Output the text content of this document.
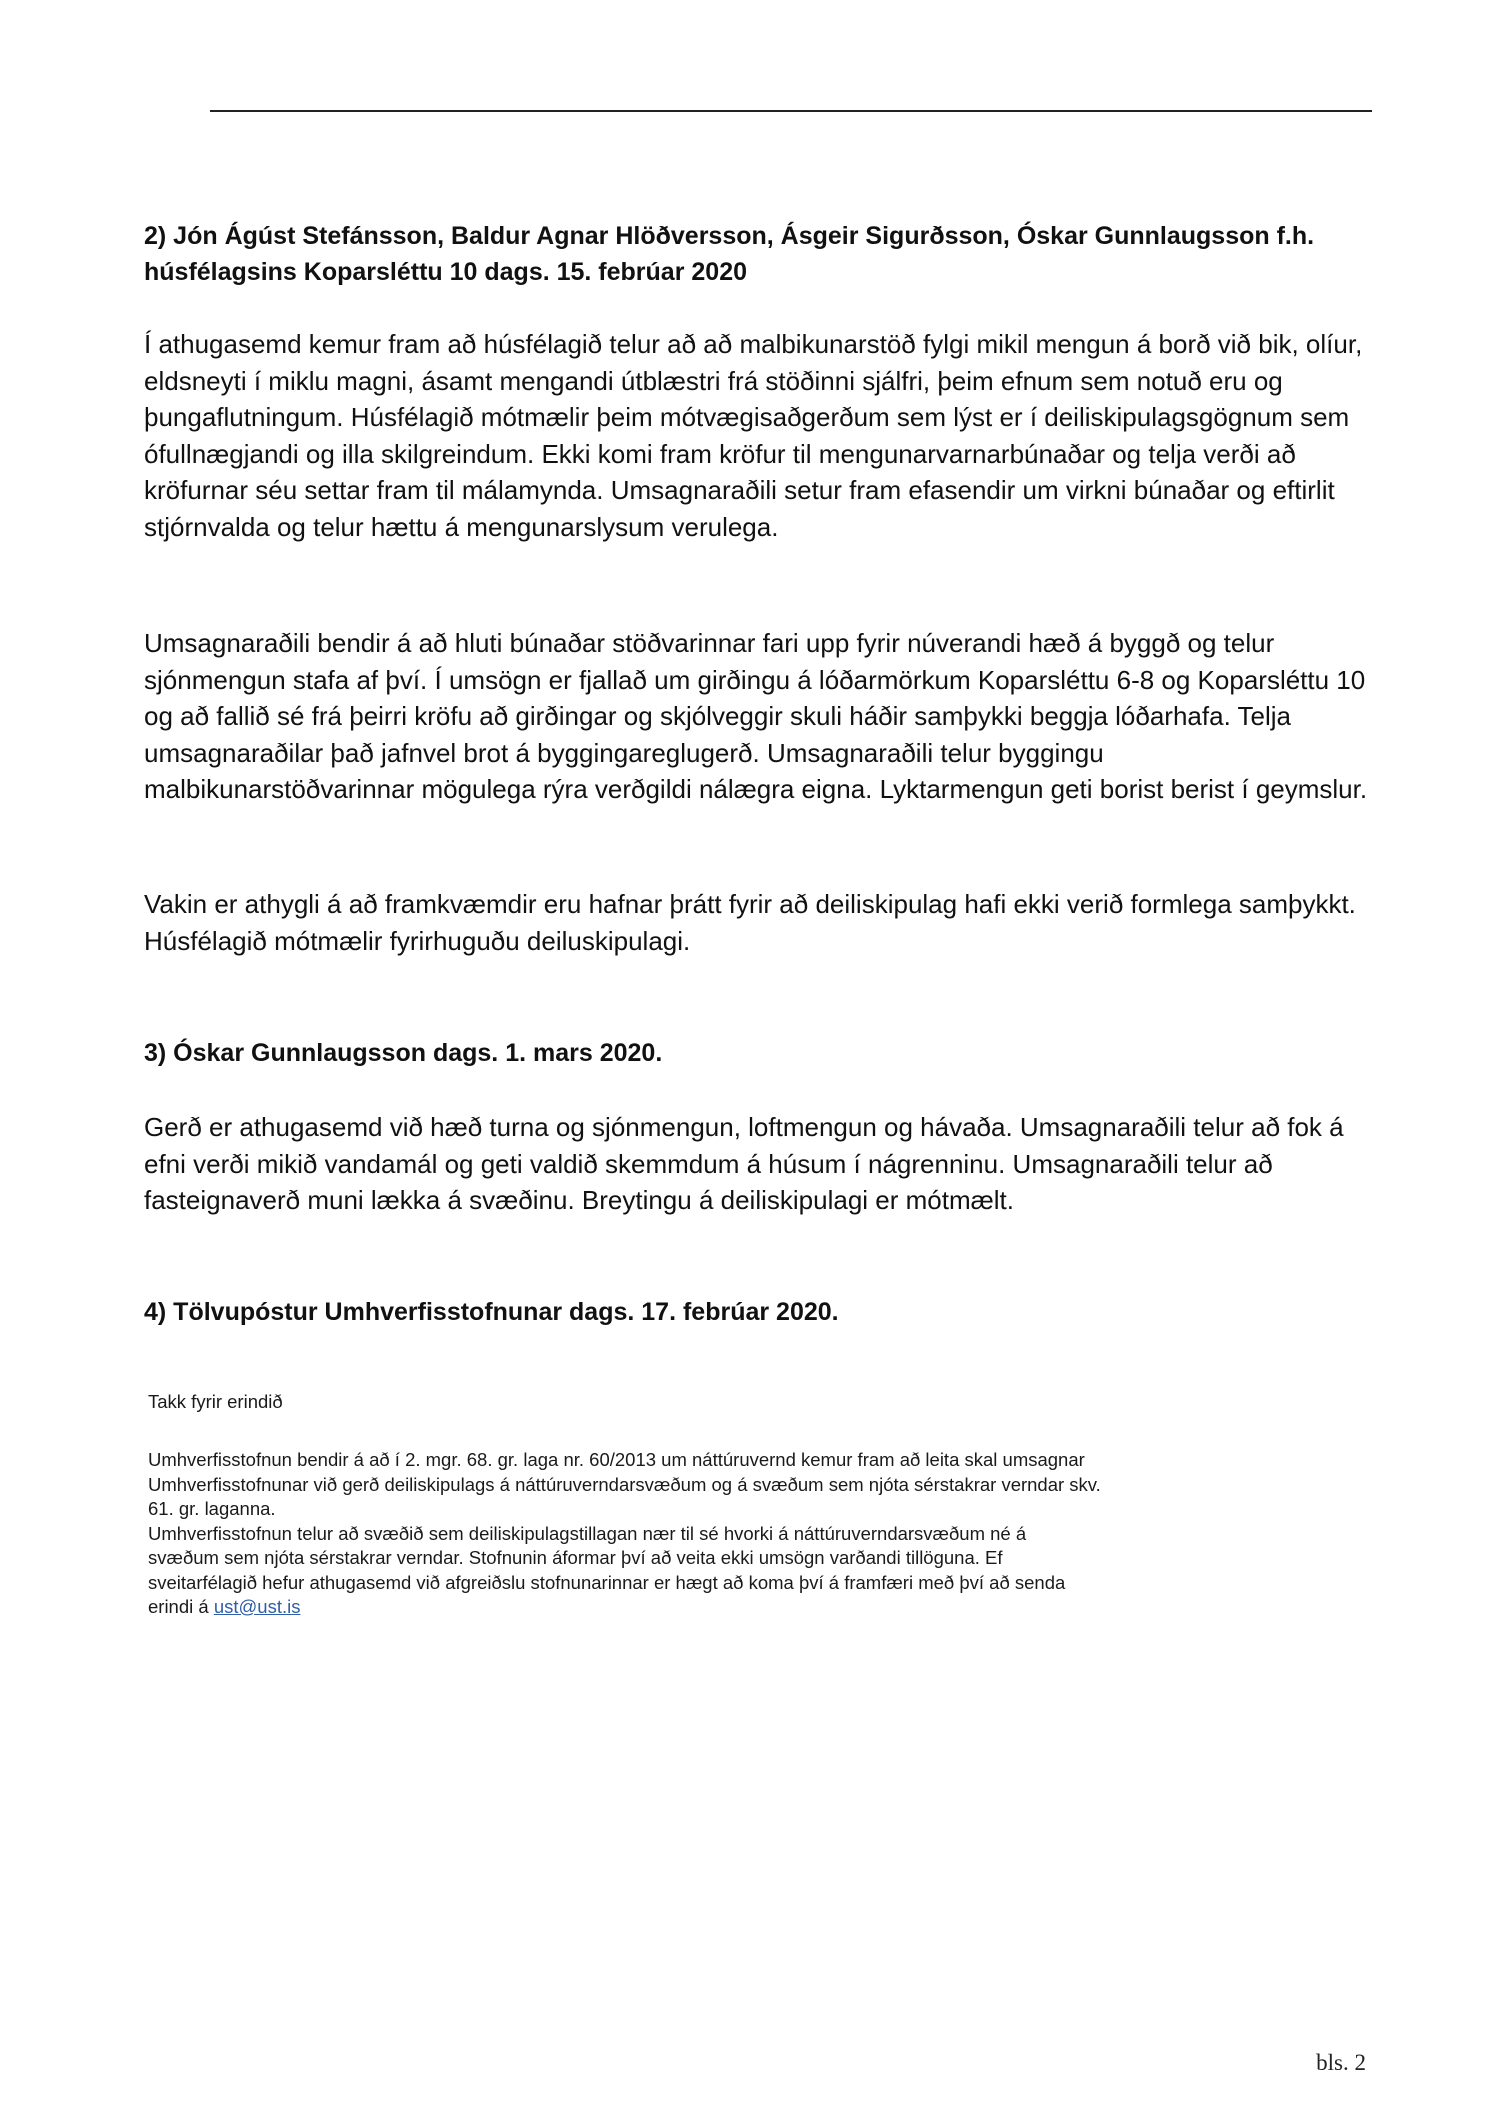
2) Jón Ágúst Stefánsson, Baldur Agnar Hlöðversson, Ásgeir Sigurðsson, Óskar Gunnlaugsson f.h. húsfélagsins Koparsléttu 10 dags. 15. febrúar 2020

Í athugasemd kemur fram að húsfélagið telur að að malbikunarstöð fylgi mikil mengun á borð við bik, olíur, eldsneyti í miklu magni, ásamt mengandi útblæstri frá stöðinni sjálfri, þeim efnum sem notuð eru og þungaflutningum. Húsfélagið mótmælir þeim mótvægisaðgerðum sem lýst er í deiliskipulagsgögnum sem ófullnægjandi og illa skilgreindum. Ekki komi fram kröfur til mengunarvarnarbúnaðar og telja verði að kröfurnar séu settar fram til málamynda. Umsagnaraðili setur fram efasendir um virkni búnaðar og eftirlit stjórnvalda og telur hættu á mengunarslysum verulega.

Umsagnaraðili bendir á að hluti búnaðar stöðvarinnar fari upp fyrir núverandi hæð á byggð og telur sjónmengun stafa af því. Í umsögn er fjallað um girðingu á lóðarmörkum Koparsléttu 6-8 og Koparsléttu 10 og að fallið sé frá þeirri kröfu að girðingar og skjólveggir skuli háðir samþykki beggja lóðarhafa. Telja umsagnaraðilar það jafnvel brot á byggingareglugerð. Umsagnaraðili telur byggingu malbikunarstöðvarinnar mögulega rýra verðgildi nálægra eigna. Lyktarmengun geti borist berist í geymslur.

Vakin er athygli á að framkvæmdir eru hafnar þrátt fyrir að deiliskipulag hafi ekki verið formlega samþykkt. Húsfélagið mótmælir fyrirhuguðu deiluskipulagi.

3) Óskar Gunnlaugsson dags. 1. mars 2020.

Gerð er athugasemd við hæð turna og sjónmengun, loftmengun og hávaða. Umsagnaraðili telur að fok á efni verði mikið vandamál og geti valdið skemmdum á húsum í nágrenninu. Umsagnaraðili telur að fasteignaverð muni lækka á svæðinu. Breytingu á deiliskipulagi er mótmælt.

4) Tölvupóstur Umhverfisstofnunar dags. 17. febrúar 2020.

Takk fyrir erindið
Umhverfisstofnun bendir á að í 2. mgr. 68. gr. laga nr. 60/2013 um náttúruvernd kemur fram að leita skal umsagnar
Umhverfisstofnunar við gerð deiliskipulags á náttúruverndarsvæðum og á svæðum sem njóta sérstakrar verndar skv.
61. gr. laganna.
Umhverfisstofnun telur að svæðið sem deiliskipulagstillagan nær til sé hvorki á náttúruverndarsvæðum né á
svæðum sem njóta sérstakrar verndar. Stofnunin áformar því að veita ekki umsögn varðandi tillöguna. Ef
sveitarfélagið hefur athugasemd við afgreiðslu stofnunarinnar er hægt að koma því á framfæri með því að senda
erindi á ust@ust.is
bls. 2
